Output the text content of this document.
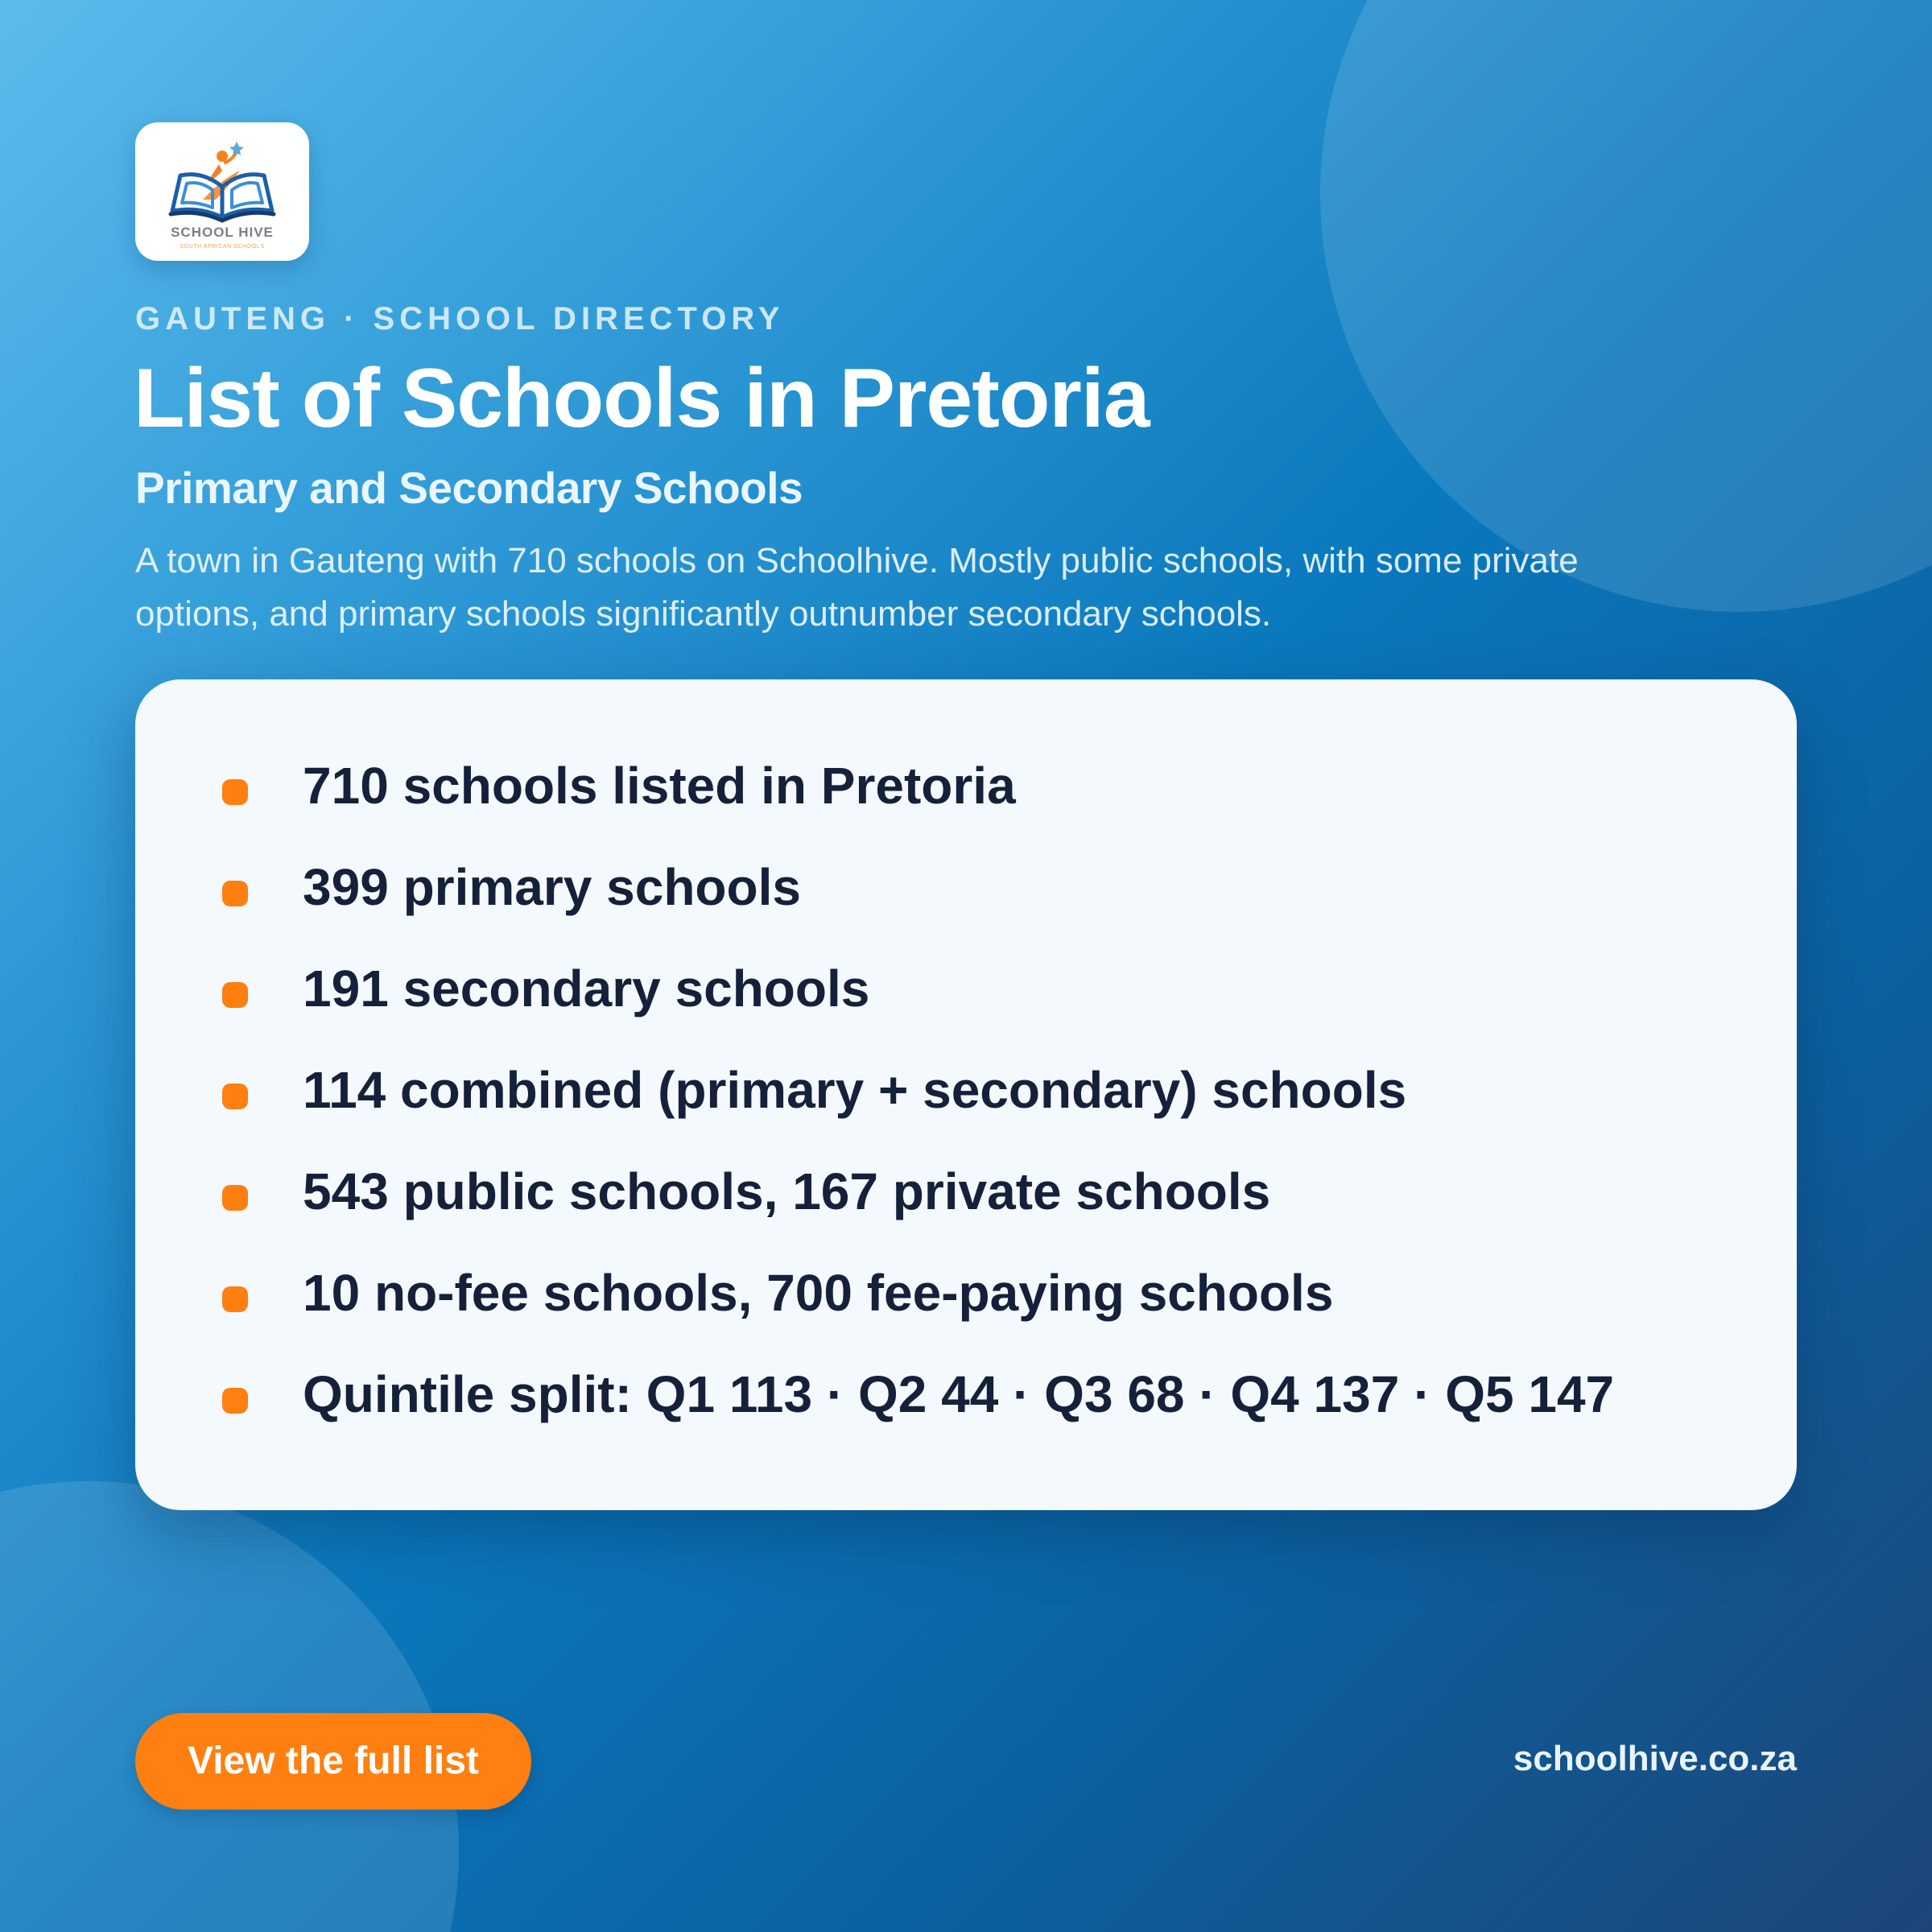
SCHOOL HIVE
SOUTH AFRICAN SCHOOLS
GAUTENG · SCHOOL DIRECTORY
List of Schools in Pretoria
Primary and Secondary Schools

A town in Gauteng with 710 schools on Schoolhive. Mostly public schools, with some private options, and primary schools significantly outnumber secondary schools.

710 schools listed in Pretoria
399 primary schools
191 secondary schools
114 combined (primary + secondary) schools
543 public schools, 167 private schools
10 no-fee schools, 700 fee-paying schools
Quintile split: Q1 113 · Q2 44 · Q3 68 · Q4 137 · Q5 147
View the full list	schoolhive.co.za
